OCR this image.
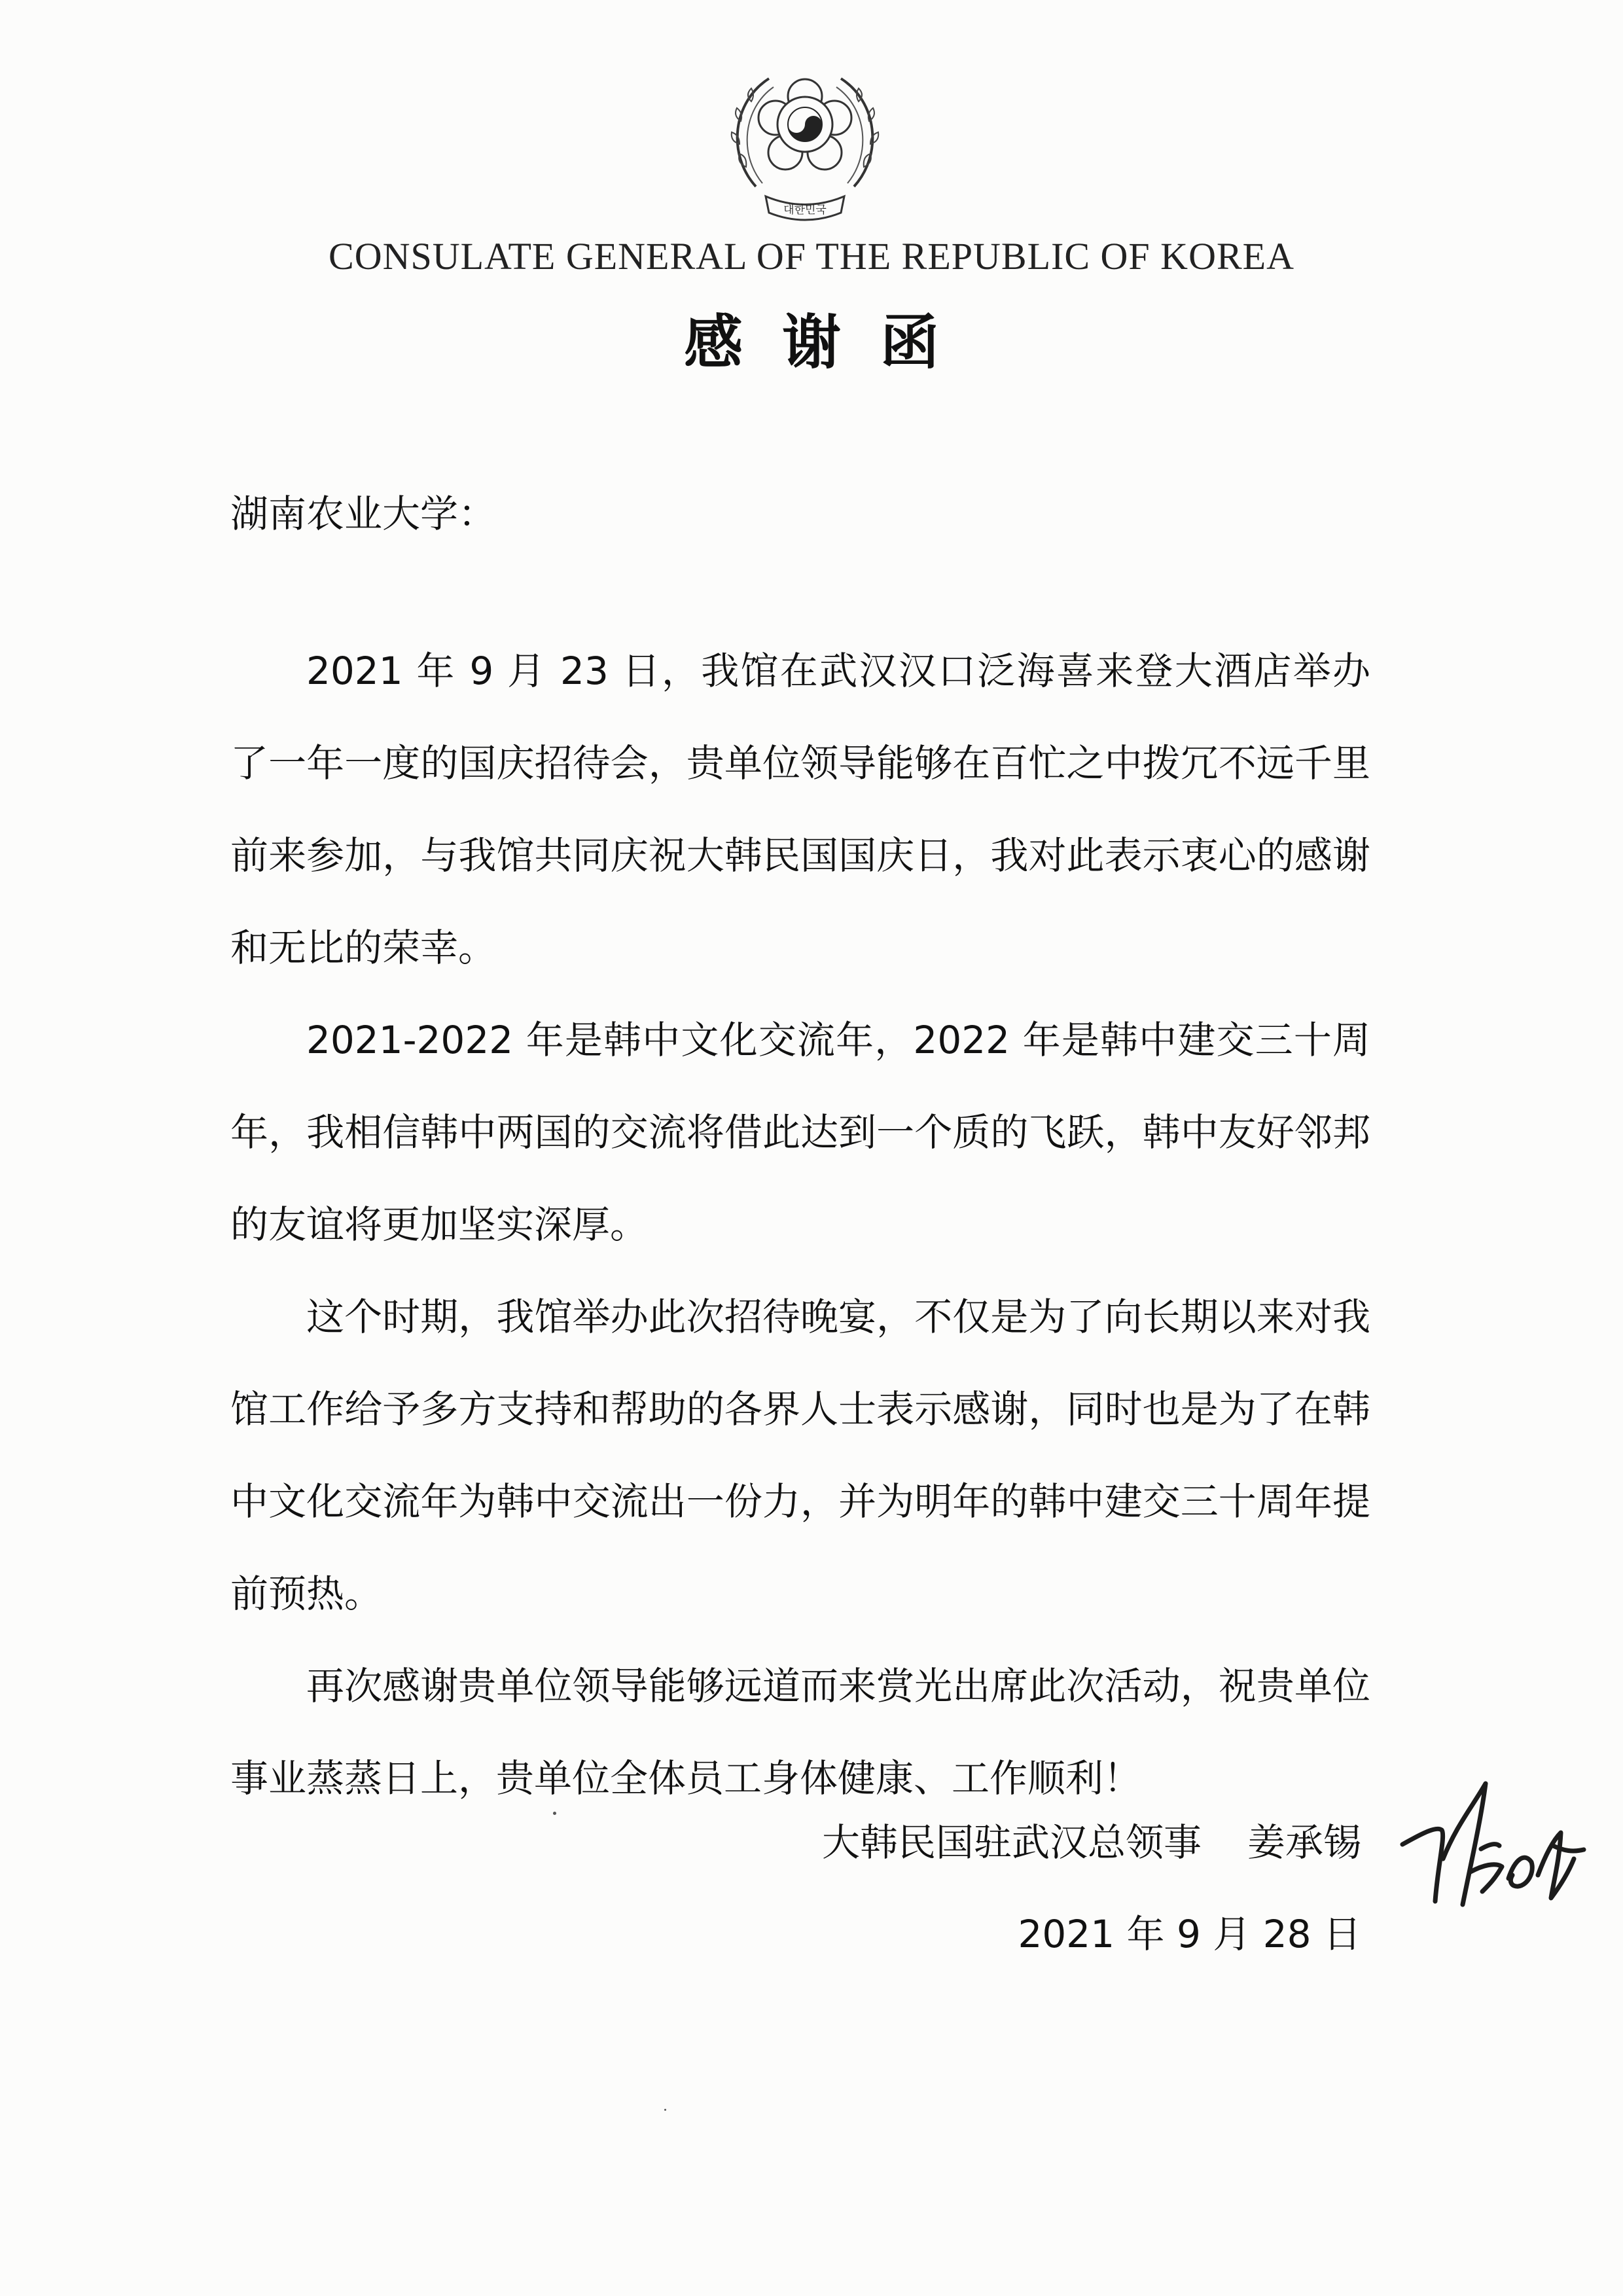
대한민국
CONSULATE GENERAL OF THE REPUBLIC OF KOREA
感谢函
湖南农业大学：

2021 年 9 月 23 日，我馆在武汉汉口泛海喜来登大酒店举办了一年一度的国庆招待会，贵单位领导能够在百忙之中拨冗不远千里前来参加，与我馆共同庆祝大韩民国国庆日，我对此表示衷心的感谢和无比的荣幸。

2021-2022 年是韩中文化交流年，2022 年是韩中建交三十周年，我相信韩中两国的交流将借此达到一个质的飞跃，韩中友好邻邦的友谊将更加坚实深厚。

这个时期，我馆举办此次招待晚宴，不仅是为了向长期以来对我馆工作给予多方支持和帮助的各界人士表示感谢，同时也是为了在韩中文化交流年为韩中交流出一份力，并为明年的韩中建交三十周年提前预热。

再次感谢贵单位领导能够远道而来赏光出席此次活动，祝贵单位事业蒸蒸日上，贵单位全体员工身体健康、工作顺利！

大韩民国驻武汉总领事 姜承锡
2021 年 9 月 28 日
